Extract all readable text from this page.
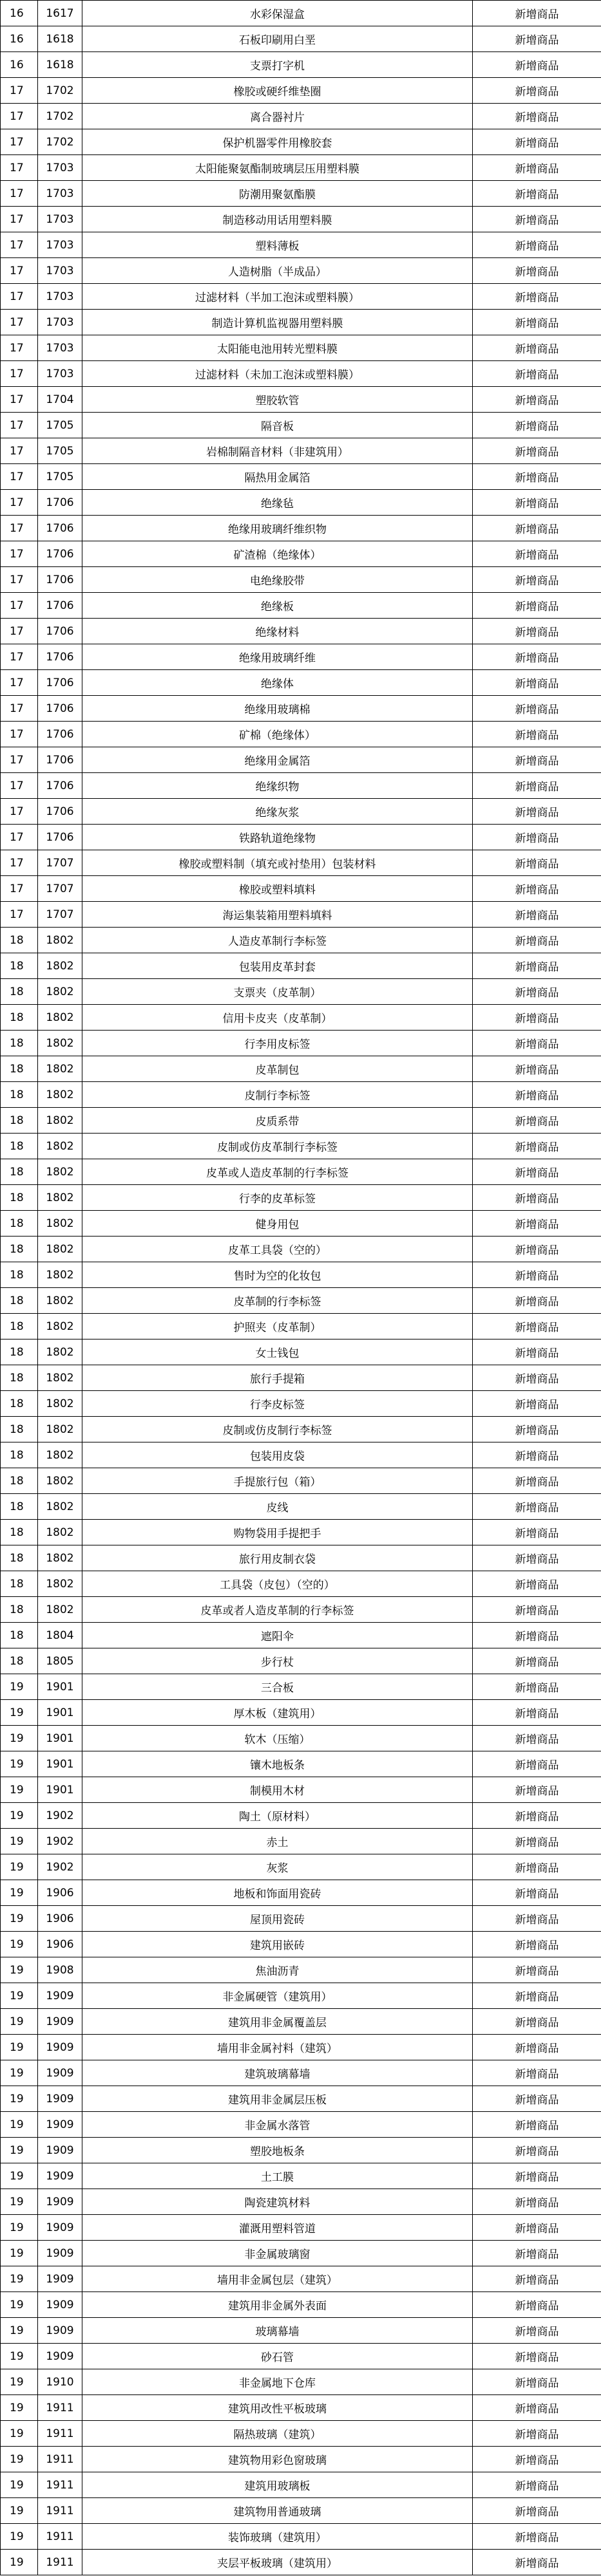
16	1617	水彩保湿盒	新增商品
16	1618	石板印刷用白垩	新增商品
16	1618	支票打字机	新增商品
17	1702	橡胶或硬纤维垫圈	新增商品
17	1702	离合器衬片	新增商品
17	1702	保护机器零件用橡胶套	新增商品
17	1703	太阳能聚氨酯制玻璃层压用塑料膜	新增商品
17	1703	防潮用聚氨酯膜	新增商品
17	1703	制造移动用话用塑料膜	新增商品
17	1703	塑料薄板	新增商品
17	1703	人造树脂（半成品）	新增商品
17	1703	过滤材料（半加工泡沫或塑料膜）	新增商品
17	1703	制造计算机监视器用塑料膜	新增商品
17	1703	太阳能电池用转光塑料膜	新增商品
17	1703	过滤材料（未加工泡沫或塑料膜）	新增商品
17	1704	塑胶软管	新增商品
17	1705	隔音板	新增商品
17	1705	岩棉制隔音材料（非建筑用）	新增商品
17	1705	隔热用金属箔	新增商品
17	1706	绝缘毡	新增商品
17	1706	绝缘用玻璃纤维织物	新增商品
17	1706	矿渣棉（绝缘体）	新增商品
17	1706	电绝缘胶带	新增商品
17	1706	绝缘板	新增商品
17	1706	绝缘材料	新增商品
17	1706	绝缘用玻璃纤维	新增商品
17	1706	绝缘体	新增商品
17	1706	绝缘用玻璃棉	新增商品
17	1706	矿棉（绝缘体）	新增商品
17	1706	绝缘用金属箔	新增商品
17	1706	绝缘织物	新增商品
17	1706	绝缘灰浆	新增商品
17	1706	铁路轨道绝缘物	新增商品
17	1707	橡胶或塑料制（填充或衬垫用）包装材料	新增商品
17	1707	橡胶或塑料填料	新增商品
17	1707	海运集装箱用塑料填料	新增商品
18	1802	人造皮革制行李标签	新增商品
18	1802	包装用皮革封套	新增商品
18	1802	支票夹（皮革制）	新增商品
18	1802	信用卡皮夹（皮革制）	新增商品
18	1802	行李用皮标签	新增商品
18	1802	皮革制包	新增商品
18	1802	皮制行李标签	新增商品
18	1802	皮质系带	新增商品
18	1802	皮制或仿皮革制行李标签	新增商品
18	1802	皮革或人造皮革制的行李标签	新增商品
18	1802	行李的皮革标签	新增商品
18	1802	健身用包	新增商品
18	1802	皮革工具袋（空的）	新增商品
18	1802	售时为空的化妆包	新增商品
18	1802	皮革制的行李标签	新增商品
18	1802	护照夹（皮革制）	新增商品
18	1802	女士钱包	新增商品
18	1802	旅行手提箱	新增商品
18	1802	行李皮标签	新增商品
18	1802	皮制或仿皮制行李标签	新增商品
18	1802	包装用皮袋	新增商品
18	1802	手提旅行包（箱）	新增商品
18	1802	皮线	新增商品
18	1802	购物袋用手提把手	新增商品
18	1802	旅行用皮制衣袋	新增商品
18	1802	工具袋（皮包）（空的）	新增商品
18	1802	皮革或者人造皮革制的行李标签	新增商品
18	1804	遮阳伞	新增商品
18	1805	步行杖	新增商品
19	1901	三合板	新增商品
19	1901	厚木板（建筑用）	新增商品
19	1901	软木（压缩）	新增商品
19	1901	镶木地板条	新增商品
19	1901	制模用木材	新增商品
19	1902	陶土（原材料）	新增商品
19	1902	赤土	新增商品
19	1902	灰浆	新增商品
19	1906	地板和饰面用瓷砖	新增商品
19	1906	屋顶用瓷砖	新增商品
19	1906	建筑用嵌砖	新增商品
19	1908	焦油沥青	新增商品
19	1909	非金属硬管（建筑用）	新增商品
19	1909	建筑用非金属覆盖层	新增商品
19	1909	墙用非金属衬料（建筑）	新增商品
19	1909	建筑玻璃幕墙	新增商品
19	1909	建筑用非金属层压板	新增商品
19	1909	非金属水落管	新增商品
19	1909	塑胶地板条	新增商品
19	1909	土工膜	新增商品
19	1909	陶瓷建筑材料	新增商品
19	1909	灌溉用塑料管道	新增商品
19	1909	非金属玻璃窗	新增商品
19	1909	墙用非金属包层（建筑）	新增商品
19	1909	建筑用非金属外表面	新增商品
19	1909	玻璃幕墙	新增商品
19	1909	砂石管	新增商品
19	1910	非金属地下仓库	新增商品
19	1911	建筑用改性平板玻璃	新增商品
19	1911	隔热玻璃（建筑）	新增商品
19	1911	建筑物用彩色窗玻璃	新增商品
19	1911	建筑用玻璃板	新增商品
19	1911	建筑物用普通玻璃	新增商品
19	1911	装饰玻璃（建筑用）	新增商品
19	1911	夹层平板玻璃（建筑用）	新增商品
